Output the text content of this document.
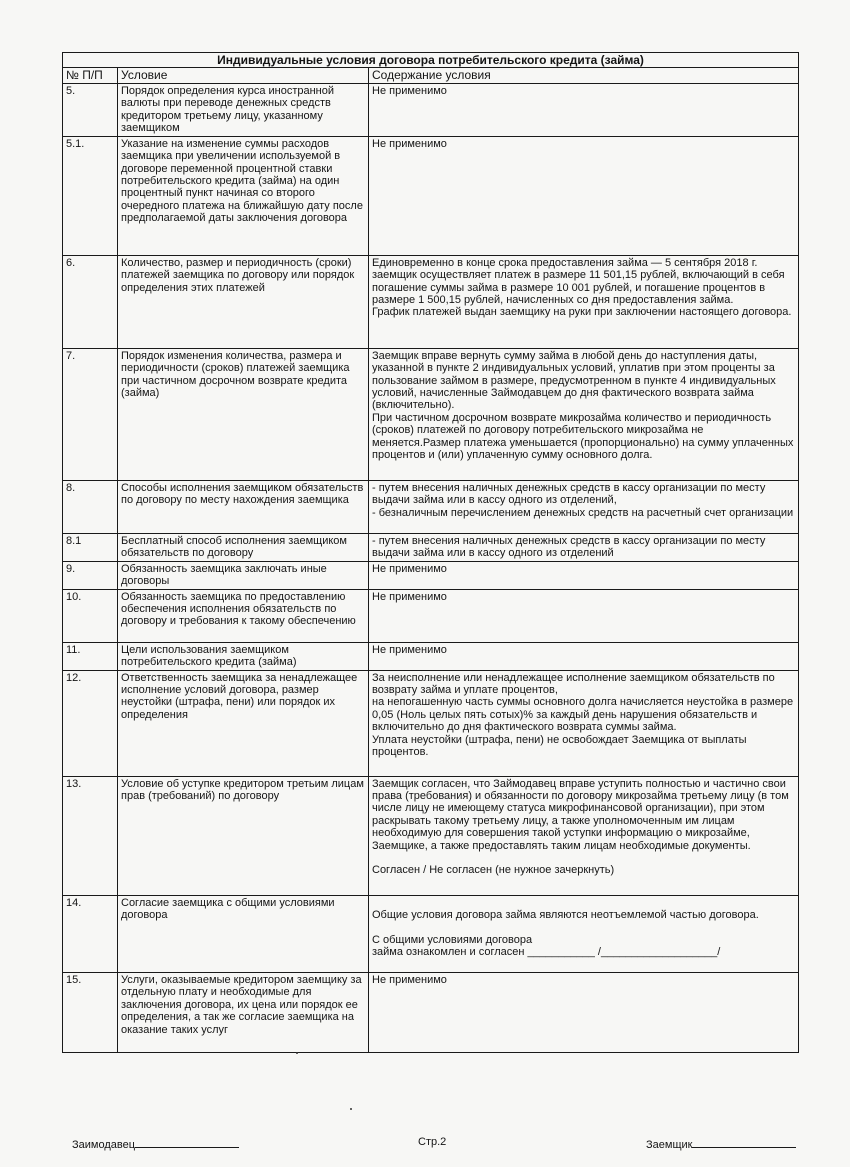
Индивидуальные условия договора потребительского кредита (займа)		
№ П/П	Условие	Содержание условия
5.	Порядок определения курса иностранной валюты при переводе денежных средств кредитором третьему лицу, указанному заемщиком	Не применимо
5.1.	Указание на изменение суммы расходов заемщика при увеличении используемой в договоре переменной процентной ставки потребительского кредита (займа) на один процентный пункт начиная со второго очередного платежа на ближайшую дату после предполагаемой даты заключения договора	Не применимо
6.	Количество, размер и периодичность (сроки) платежей заемщика по договору или порядок определения этих платежей	Единовременно в конце срока предоставления займа — 5 сентября 2018 г. заемщик осуществляет платеж в размере 11 501,15 рублей, включающий в себя погашение суммы займа в размере 10 001 рублей, и погашение процентов в размере 1 500,15 рублей, начисленных со дня предоставления займа.
График платежей выдан заемщику на руки при заключении настоящего договора.
7.	Порядок изменения количества, размера и периодичности (сроков) платежей заемщика при частичном досрочном возврате кредита (займа)	Заемщик вправе вернуть сумму займа в любой день до наступления даты, указанной в пункте 2 индивидуальных условий, уплатив при этом проценты за пользование займом в размере, предусмотренном в пункте 4 индивидуальных условий, начисленные Займодавцем до дня фактического возврата займа (включительно).
При частичном досрочном возврате микрозайма количество и периодичность (сроков) платежей по договору потребительского микрозайма не меняется.Размер платежа уменьшается (пропорционально) на сумму уплаченных процентов и (или) уплаченную сумму основного долга.
8.	Способы исполнения заемщиком обязательств по договору по месту нахождения заемщика	- путем внесения наличных денежных средств в кассу организации по месту выдачи займа или в кассу одного из отделений,
- безналичным перечислением денежных средств на расчетный счет организации
8.1	Бесплатный способ исполнения заемщиком обязательств по договору	- путем внесения наличных денежных средств в кассу организации по месту выдачи займа или в кассу одного из отделений
9.	Обязанность заемщика заключать иные договоры	Не применимо
10.	Обязанность заемщика по предоставлению обеспечения исполнения обязательств по договору и требования к такому обеспечению	Не применимо
11.	Цели использования заемщиком потребительского кредита (займа)	Не применимо
12.	Ответственность заемщика за ненадлежащее исполнение условий договора, размер неустойки (штрафа, пени) или порядок их определения	За неисполнение или ненадлежащее исполнение заемщиком обязательств по возврату займа и уплате процентов,
на непогашенную часть суммы основного долга начисляется неустойка в размере 0,05 (Ноль целых пять сотых)% за каждый день нарушения обязательств и включительно до дня фактического возврата суммы займа.
Уплата неустойки (штрафа, пени) не освобождает Заемщика от выплаты процентов.
13.	Условие об уступке кредитором третьим лицам прав (требований) по договору	Заемщик согласен, что Займодавец вправе уступить полностью и частично свои права (требования) и обязанности по договору микрозайма третьему лицу (в том числе лицу не имеющему статуса микрофинансовой организации), при этом раскрывать такому третьему лицу, а также уполномоченным им лицам необходимую для совершения такой уступки информацию о микрозайме, Заемщике, а также предоставлять таким лицам необходимые документы.

Согласен / Не согласен (не нужное зачеркнуть)
14.	Согласие заемщика с общими условиями договора	Общие условия договора займа являются неотъемлемой частью договора.

С общими условиями договора
займа ознакомлен и согласен ___________ /___________________/

15.	Услуги, оказываемые кредитором заемщику за отдельную плату и необходимые для заключения договора, их цена или порядок ее определения, а так же согласие заемщика на оказание таких услуг	Не применимо
Заимодавец	Стр.2	Заемщик
